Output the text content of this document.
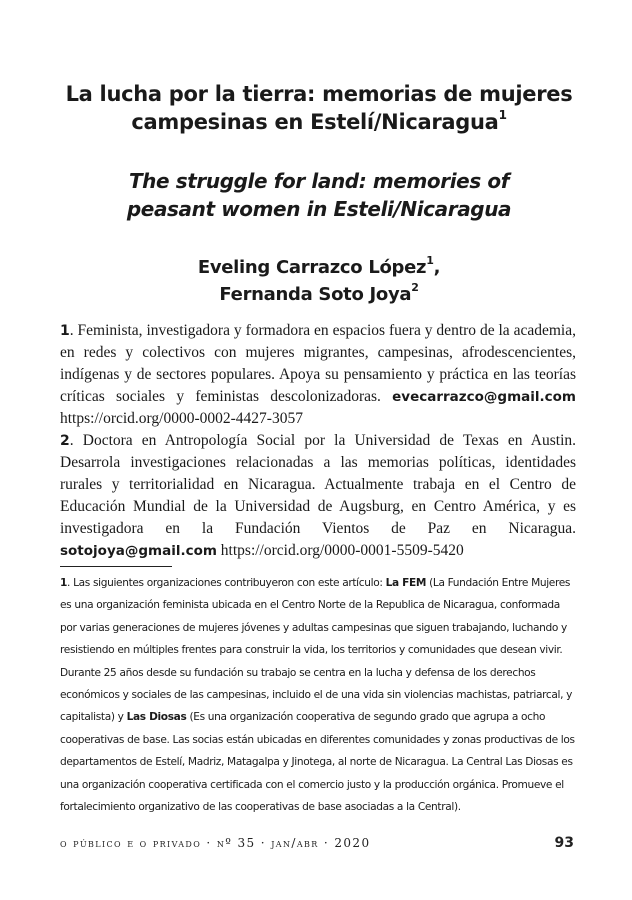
La lucha por la tierra: memorias de mujeres
campesinas en Estelí/Nicaragua$^1$
The struggle for land: memories of
peasant women in Esteli/Nicaragua
Eveling Carrazco López$^1$,
Fernanda Soto Joya$^2$

1. Feminista, investigadora y formadora en espacios fuera y dentro de la academia, en redes y colectivos con mujeres migrantes, campesinas, afrodescencientes, indígenas y de sectores populares. Apoya su pensamiento y práctica en las teorías críticas sociales y feministas descolonizadoras. evecarrazco@gmail.com https://orcid.org/0000-0002-4427-3057

2. Doctora en Antropología Social por la Universidad de Texas en Austin. Desarrola investigaciones relacionadas a las memorias políticas, identidades rurales y territorialidad en Nicaragua. Actualmente trabaja en el Centro de Educación Mundial de la Universidad de Augsburg, en Centro América, y es investigadora en la Fundación Vientos de Paz en Nicaragua. sotojoya@gmail.com https://orcid.org/0000-0001-5509-5420

1. Las siguientes organizaciones contribuyeron con este artículo: La FEM (La Fundación Entre Mujeres es una organización feminista ubicada en el Centro Norte de la Republica de Nicaragua, conformada por varias generaciones de mujeres jóvenes y adultas campesinas que siguen trabajando, luchando y resistiendo en múltiples frentes para construir la vida, los territorios y comunidades que desean vivir. Durante 25 años desde su fundación su trabajo se centra en la lucha y defensa de los derechos económicos y sociales de las campesinas, incluido el de una vida sin violencias machistas, patriarcal, y capitalista) y Las Diosas (Es una organización cooperativa de segundo grado que agrupa a ocho cooperativas de base. Las socias están ubicadas en diferentes comunidades y zonas productivas de los departamentos de Estelí, Madriz, Matagalpa y Jinotega, al norte de Nicaragua. La Central Las Diosas es una organización cooperativa certificada con el comercio justo y la producción orgánica. Promueve el fortalecimiento organizativo de las cooperativas de base asociadas a la Central).

o público e o privado · nº 35 · jan/abr · 2020	93
